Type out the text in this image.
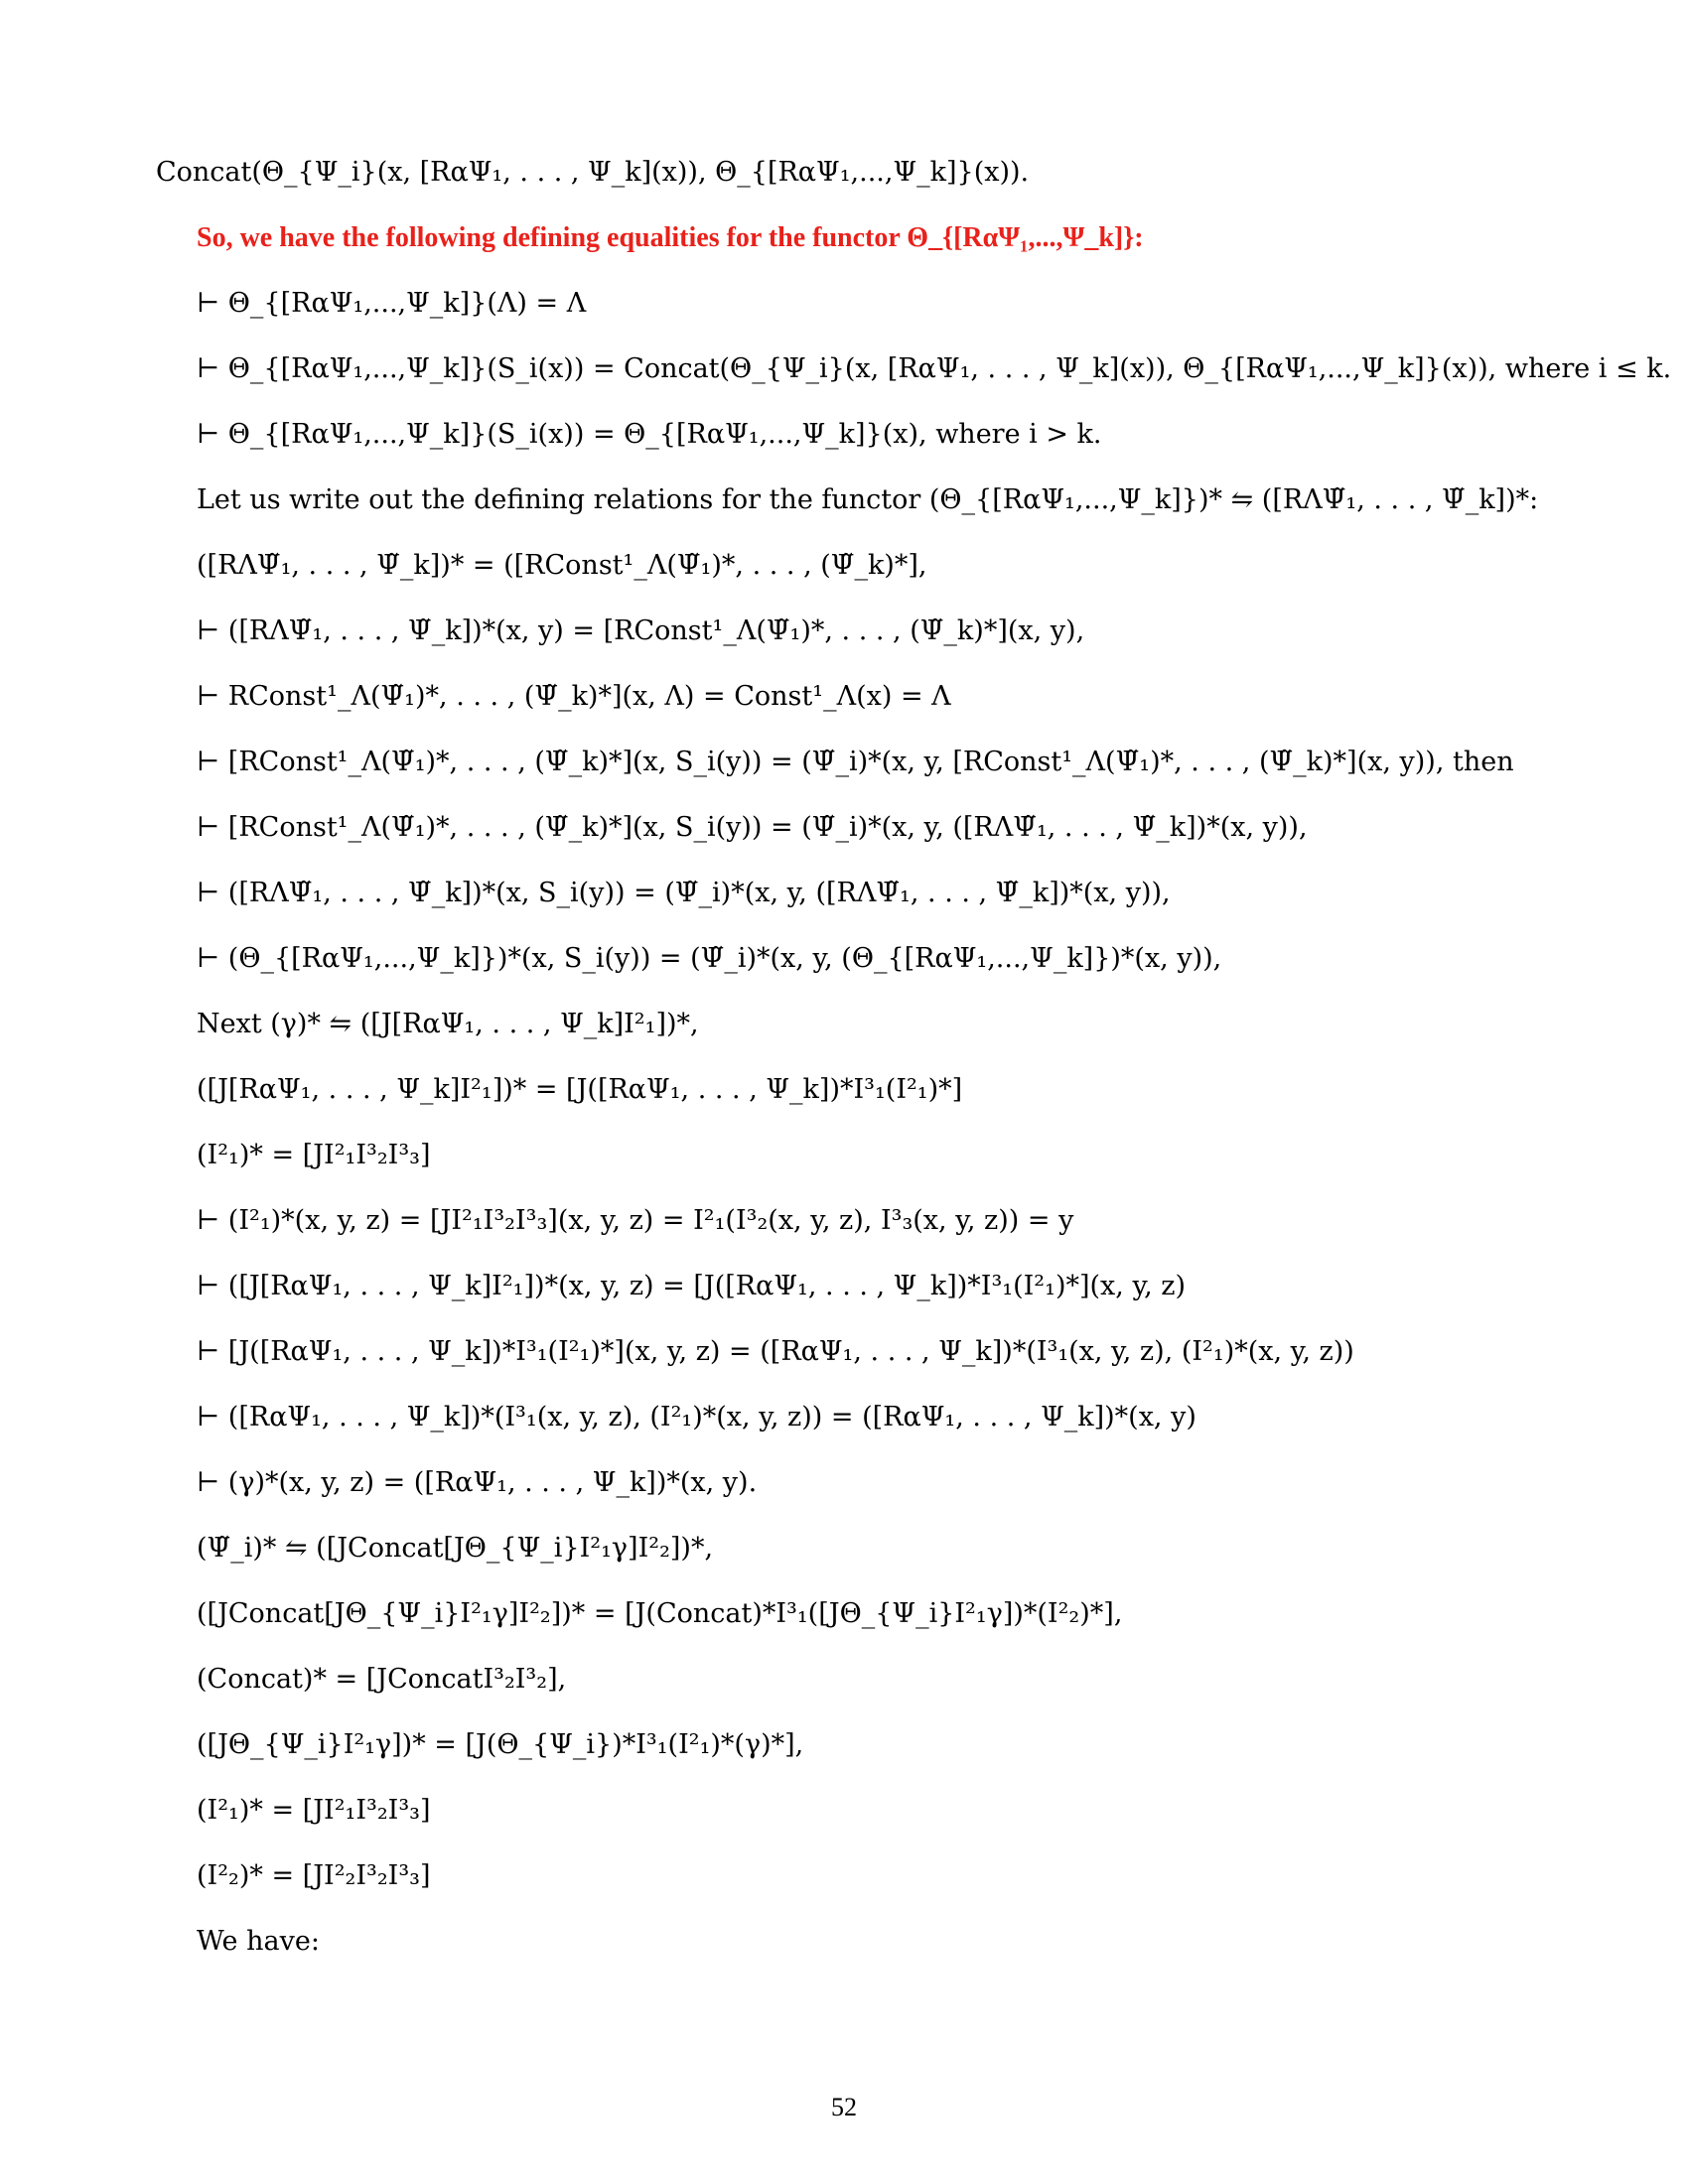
Concat(Θ_{Ψ_i}(x, [RαΨ₁, . . . , Ψ_k](x)), Θ_{[RαΨ₁,...,Ψ_k]}(x)).
So, we have the following defining equalities for the functor Θ_{[RαΨ₁,...,Ψ_k]}:
⊢ Θ_{[RαΨ₁,...,Ψ_k]}(Λ) = Λ
⊢ Θ_{[RαΨ₁,...,Ψ_k]}(S_i(x)) = Concat(Θ_{Ψ_i}(x, [RαΨ₁, . . . , Ψ_k](x)), Θ_{[RαΨ₁,...,Ψ_k]}(x)), where i ≤ k.
⊢ Θ_{[RαΨ₁,...,Ψ_k]}(S_i(x)) = Θ_{[RαΨ₁,...,Ψ_k]}(x), where i > k.
Let us write out the defining relations for the functor (Θ_{[RαΨ₁,...,Ψ_k]})* ⇋ ([RΛΨ̃₁, . . . , Ψ̃_k])*:
([RΛΨ̃₁, . . . , Ψ̃_k])* = ([RConst¹_Λ(Ψ̃₁)*, . . . , (Ψ̃_k)*],
⊢ ([RΛΨ̃₁, . . . , Ψ̃_k])*(x, y) = [RConst¹_Λ(Ψ̃₁)*, . . . , (Ψ̃_k)*](x, y),
⊢ RConst¹_Λ(Ψ̃₁)*, . . . , (Ψ̃_k)*](x, Λ) = Const¹_Λ(x) = Λ
⊢ [RConst¹_Λ(Ψ̃₁)*, . . . , (Ψ̃_k)*](x, S_i(y)) = (Ψ̃_i)*(x, y, [RConst¹_Λ(Ψ̃₁)*, . . . , (Ψ̃_k)*](x, y)), then
⊢ [RConst¹_Λ(Ψ̃₁)*, . . . , (Ψ̃_k)*](x, S_i(y)) = (Ψ̃_i)*(x, y, ([RΛΨ̃₁, . . . , Ψ̃_k])*(x, y)),
⊢ ([RΛΨ̃₁, . . . , Ψ̃_k])*(x, S_i(y)) = (Ψ̃_i)*(x, y, ([RΛΨ̃₁, . . . , Ψ̃_k])*(x, y)),
⊢ (Θ_{[RαΨ₁,...,Ψ_k]})*(x, S_i(y)) = (Ψ̃_i)*(x, y, (Θ_{[RαΨ₁,...,Ψ_k]})*(x, y)),
Next (γ)* ⇋ ([J[RαΨ₁, . . . , Ψ_k]I²₁])*,
([J[RαΨ₁, . . . , Ψ_k]I²₁])* = [J([RαΨ₁, . . . , Ψ_k])*I³₁(I²₁)*]
(I²₁)* = [JI²₁I³₂I³₃]
⊢ (I²₁)*(x, y, z) = [JI²₁I³₂I³₃](x, y, z) = I²₁(I³₂(x, y, z), I³₃(x, y, z)) = y
⊢ ([J[RαΨ₁, . . . , Ψ_k]I²₁])*(x, y, z) = [J([RαΨ₁, . . . , Ψ_k])*I³₁(I²₁)*](x, y, z)
⊢ [J([RαΨ₁, . . . , Ψ_k])*I³₁(I²₁)*](x, y, z) = ([RαΨ₁, . . . , Ψ_k])*(I³₁(x, y, z), (I²₁)*(x, y, z))
⊢ ([RαΨ₁, . . . , Ψ_k])*(I³₁(x, y, z), (I²₁)*(x, y, z)) = ([RαΨ₁, . . . , Ψ_k])*(x, y)
⊢ (γ)*(x, y, z) = ([RαΨ₁, . . . , Ψ_k])*(x, y).
(Ψ̃_i)* ⇋ ([JConcat[JΘ_{Ψ_i}I²₁γ]I²₂])*,
([JConcat[JΘ_{Ψ_i}I²₁γ]I²₂])* = [J(Concat)*I³₁([JΘ_{Ψ_i}I²₁γ])*(I²₂)*],
(Concat)* = [JConcatI³₂I³₂],
([JΘ_{Ψ_i}I²₁γ])* = [J(Θ_{Ψ_i})*I³₁(I²₁)*(γ)*],
(I²₁)* = [JI²₁I³₂I³₃]
(I²₂)* = [JI²₂I³₂I³₃]
We have:
52
